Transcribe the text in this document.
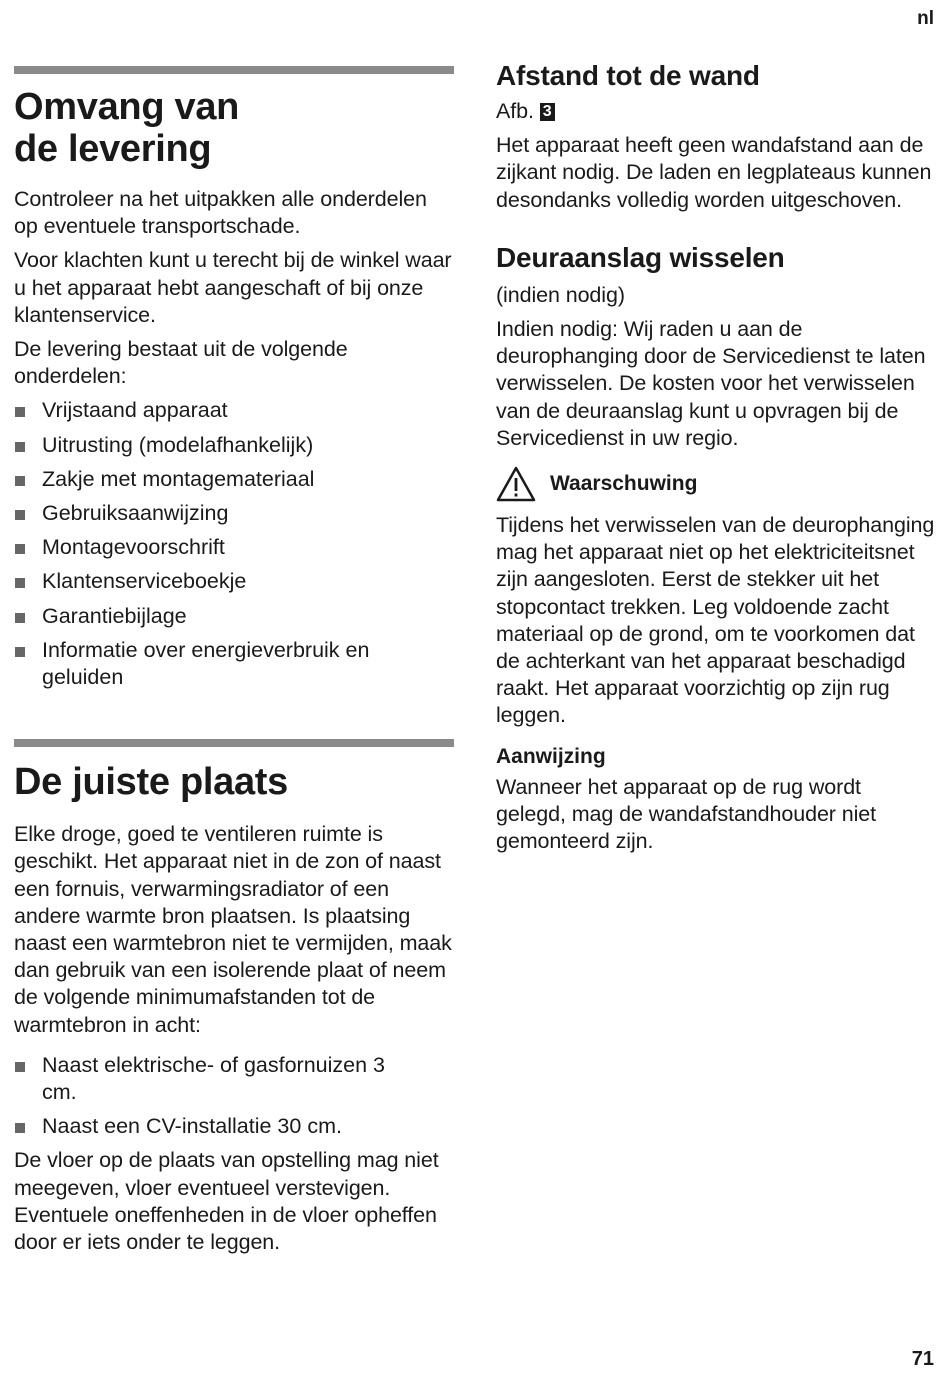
nl
Omvang van
de levering

Controleer na het uitpakken alle onderdelen op eventuele transportschade.

Voor klachten kunt u terecht bij de winkel waar u het apparaat hebt aangeschaft of bij onze klantenservice.

De levering bestaat uit de volgende onderdelen:

Vrijstaand apparaat
Uitrusting (modelafhankelijk)
Zakje met montagemateriaal
Gebruiksaanwijzing
Montagevoorschrift
Klantenserviceboekje
Garantiebijlage
Informatie over energieverbruik en geluiden
De juiste plaats

Elke droge, goed te ventileren ruimte is geschikt. Het apparaat niet in de zon of naast een fornuis, verwarmingsradiator of een andere warmte bron plaatsen. Is plaatsing naast een warmtebron niet te vermijden, maak dan gebruik van een isolerende plaat of neem de volgende minimumafstanden tot de warmtebron in acht:

Naast elektrische- of gasfornuizen 3 cm.
Naast een CV-installatie 30 cm.

De vloer op de plaats van opstelling mag niet meegeven, vloer eventueel verstevigen. Eventuele oneffenheden in de vloer opheffen door er iets onder te leggen.

Afstand tot de wand

Afb. 3

Het apparaat heeft geen wandafstand aan de zijkant nodig. De laden en legplateaus kunnen desondanks volledig worden uitgeschoven.

Deuraanslag wisselen

(indien nodig)

Indien nodig: Wij raden u aan de deurophanging door de Servicedienst te laten verwisselen. De kosten voor het verwisselen van de deuraanslag kunt u opvragen bij de Servicedienst in uw regio.

Waarschuwing

Tijdens het verwisselen van de deurophanging mag het apparaat niet op het elektriciteitsnet zijn aangesloten. Eerst de stekker uit het stopcontact trekken. Leg voldoende zacht materiaal op de grond, om te voorkomen dat de achterkant van het apparaat beschadigd raakt. Het apparaat voorzichtig op zijn rug leggen.

Aanwijzing

Wanneer het apparaat op de rug wordt gelegd, mag de wandafstandhouder niet gemonteerd zijn.

71
